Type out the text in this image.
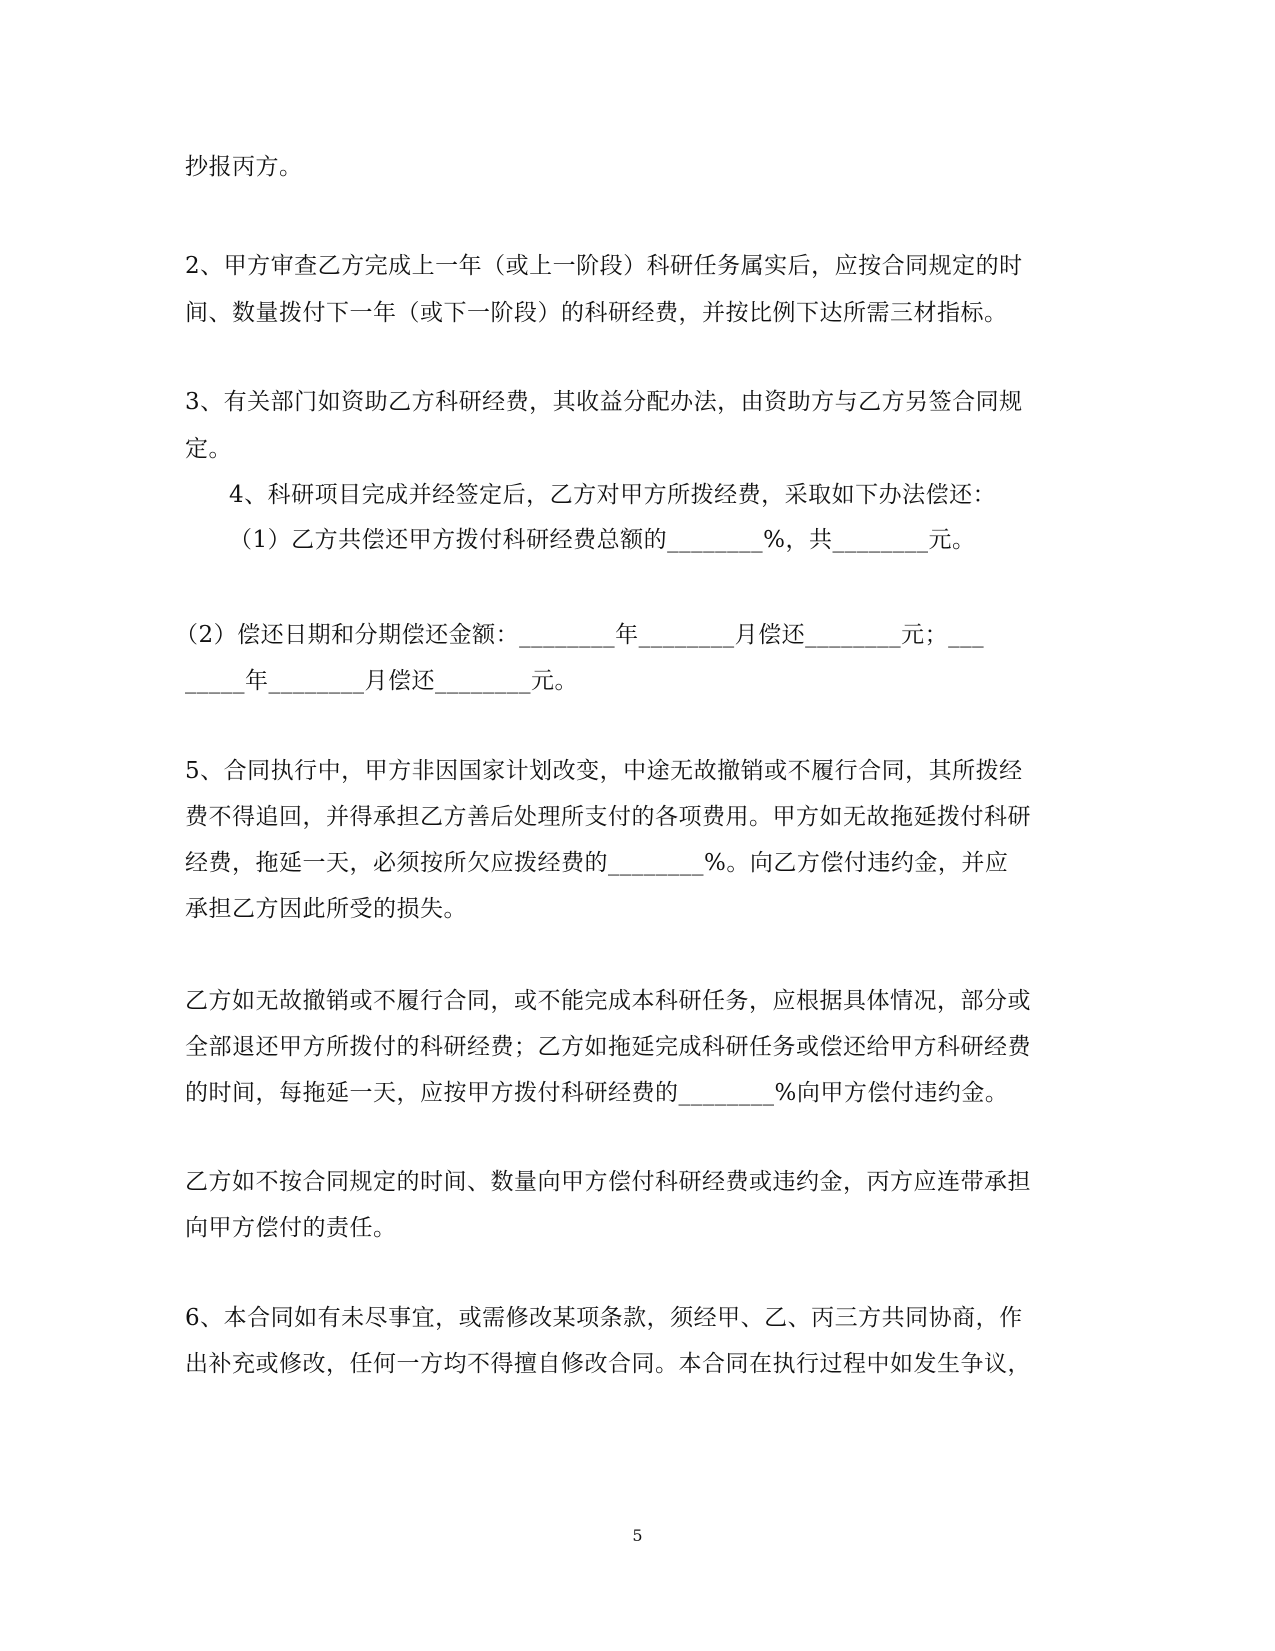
抄报丙方。
2、甲方审查乙方完成上一年（或上一阶段）科研任务属实后，应按合同规定的时
间、数量拨付下一年（或下一阶段）的科研经费，并按比例下达所需三材指标。
3、有关部门如资助乙方科研经费，其收益分配办法，由资助方与乙方另签合同规
定。
4、科研项目完成并经签定后，乙方对甲方所拨经费，采取如下办法偿还：
（1）乙方共偿还甲方拨付科研经费总额的________%，共________元。
（2）偿还日期和分期偿还金额：________年________月偿还________元；___
_____年________月偿还________元。
5、合同执行中，甲方非因国家计划改变，中途无故撤销或不履行合同，其所拨经
费不得追回，并得承担乙方善后处理所支付的各项费用。甲方如无故拖延拨付科研
经费，拖延一天，必须按所欠应拨经费的________%。向乙方偿付违约金，并应
承担乙方因此所受的损失。
乙方如无故撤销或不履行合同，或不能完成本科研任务，应根据具体情况，部分或
全部退还甲方所拨付的科研经费；乙方如拖延完成科研任务或偿还给甲方科研经费
的时间，每拖延一天，应按甲方拨付科研经费的________%向甲方偿付违约金。
乙方如不按合同规定的时间、数量向甲方偿付科研经费或违约金，丙方应连带承担
向甲方偿付的责任。
6、本合同如有未尽事宜，或需修改某项条款，须经甲、乙、丙三方共同协商，作
出补充或修改，任何一方均不得擅自修改合同。本合同在执行过程中如发生争议，
5
